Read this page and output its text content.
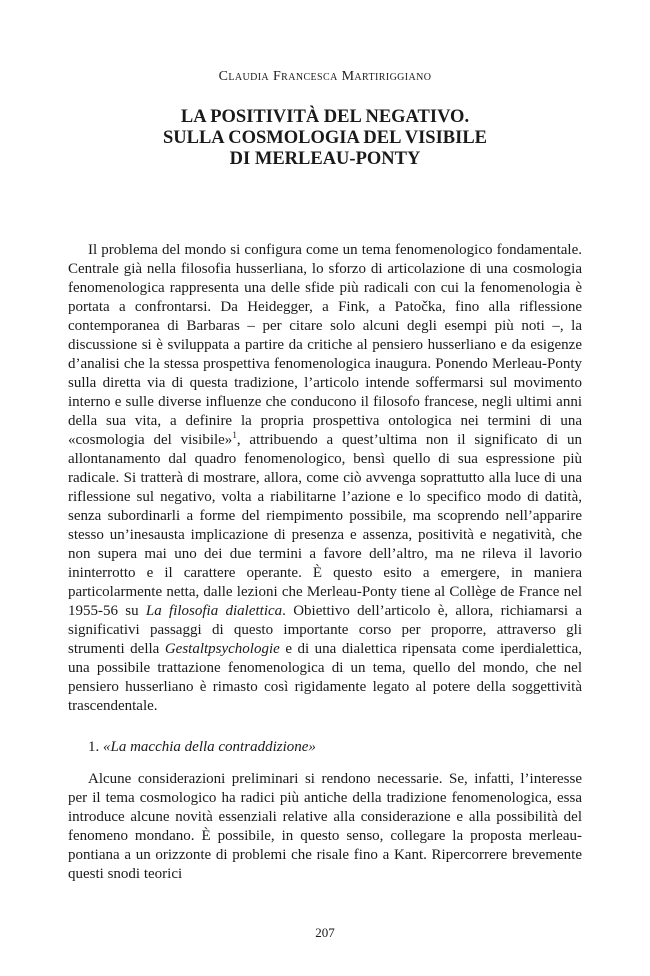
Claudia Francesca Martiriggiano
LA POSITIVITÀ DEL NEGATIVO.
SULLA COSMOLOGIA DEL VISIBILE
DI MERLEAU-PONTY

Il problema del mondo si configura come un tema fenomenologico fondamentale. Centrale già nella filosofia husserliana, lo sforzo di articolazione di una cosmologia fenomenologica rappresenta una delle sfide più radicali con cui la fenomenologia è portata a confrontarsi. Da Heidegger, a Fink, a Patočka, fino alla riflessione contemporanea di Barbaras – per citare solo alcuni degli esempi più noti –, la discussione si è sviluppata a partire da critiche al pensiero husserliano e da esigenze d’analisi che la stessa prospettiva fenomenologica inaugura. Ponendo Merleau-Ponty sulla diretta via di questa tradizione, l’articolo intende soffermarsi sul movimento interno e sulle diverse influenze che conducono il filosofo francese, negli ultimi anni della sua vita, a definire la propria prospettiva ontologica nei termini di una «cosmologia del visibile»$^1$, attribuendo a quest’ultima non il significato di un allontanamento dal quadro fenomenologico, bensì quello di sua espressione più radicale. Si tratterà di mostrare, allora, come ciò avvenga soprattutto alla luce di una riflessione sul negativo, volta a riabilitarne l’azione e lo specifico modo di datità, senza subordinarli a forme del riempimento possibile, ma scoprendo nell’apparire stesso un’inesausta implicazione di presenza e assenza, positività e negatività, che non supera mai uno dei due termini a favore dell’altro, ma ne rileva il lavorio ininterrotto e il carattere operante. È questo esito a emergere, in maniera particolarmente netta, dalle lezioni che Merleau-Ponty tiene al Collège de France nel 1955-56 su La filosofia dialettica. Obiettivo dell’articolo è, allora, richiamarsi a significativi passaggi di questo importante corso per proporre, attraverso gli strumenti della Gestaltpsychologie e di una dialettica ripensata come iperdialettica, una possibile trattazione fenomenologica di un tema, quello del mondo, che nel pensiero husserliano è rimasto così rigidamente legato al potere della soggettività trascendentale.

1. «La macchia della contraddizione»

Alcune considerazioni preliminari si rendono necessarie. Se, infatti, l’interesse per il tema cosmologico ha radici più antiche della tradizione fenomenologica, essa introduce alcune novità essenziali relative alla considerazione e alla possibilità del fenomeno mondano. È possibile, in questo senso, collegare la proposta merleau-pontiana a un orizzonte di problemi che risale fino a Kant. Ripercorrere brevemente questi snodi teorici

207
